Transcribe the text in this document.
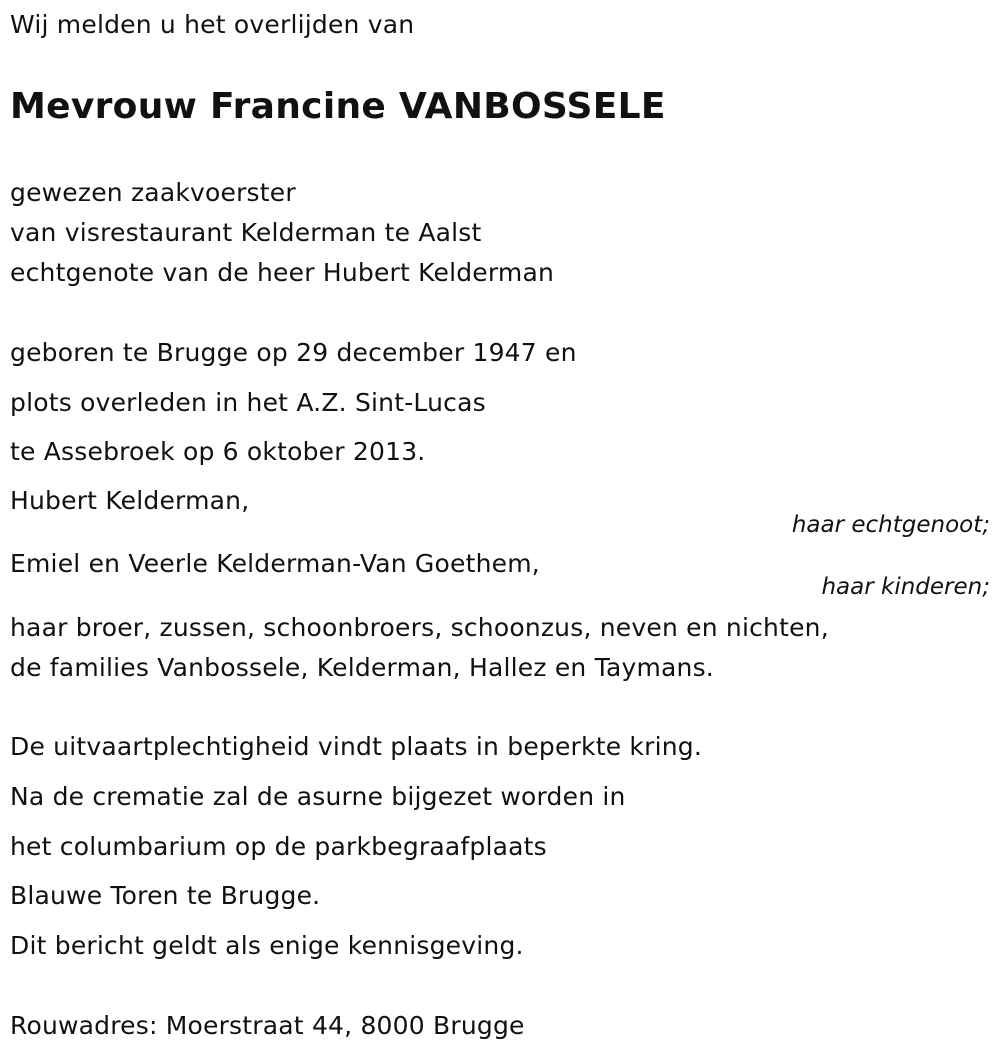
Wij melden u het overlijden van
Mevrouw Francine VANBOSSELE
gewezen zaakvoerster
van visrestaurant Kelderman te Aalst
echtgenote van de heer Hubert Kelderman
geboren te Brugge op 29 december 1947 en
plots overleden in het A.Z. Sint-Lucas
te Assebroek op 6 oktober 2013.
Hubert Kelderman,
haar echtgenoot;
Emiel en Veerle Kelderman-Van Goethem,
haar kinderen;
haar broer, zussen, schoonbroers, schoonzus, neven en nichten,
de families Vanbossele, Kelderman, Hallez en Taymans.
De uitvaartplechtigheid vindt plaats in beperkte kring.
Na de crematie zal de asurne bijgezet worden in
het columbarium op de parkbegraafplaats
Blauwe Toren te Brugge.
Dit bericht geldt als enige kennisgeving.
Rouwadres: Moerstraat 44, 8000 Brugge
